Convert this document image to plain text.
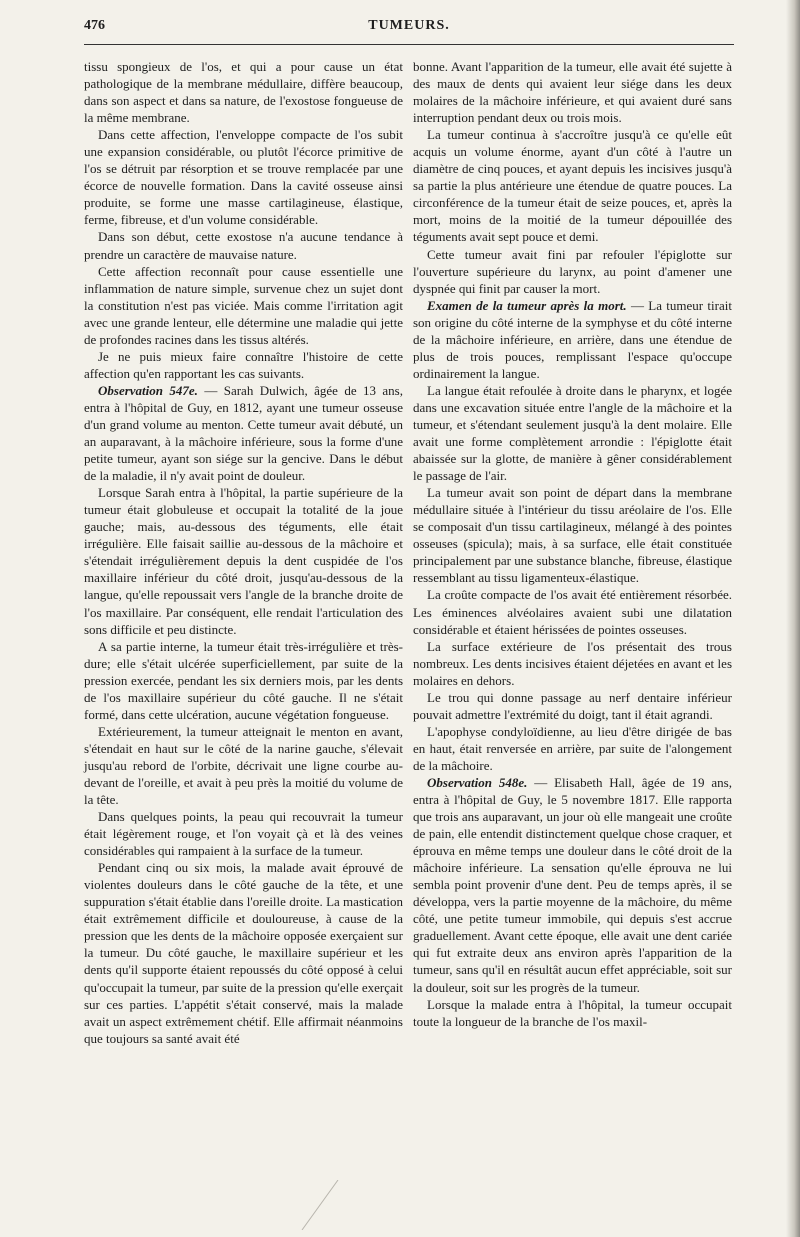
476	TUMEURS.

tissu spongieux de l'os, et qui a pour cause un état pathologique de la membrane médullaire, diffère beaucoup, dans son aspect et dans sa nature, de l'exostose fongueuse de la même membrane.

Dans cette affection, l'enveloppe compacte de l'os subit une expansion considérable, ou plutôt l'écorce primitive de l'os se détruit par résorption et se trouve remplacée par une écorce de nouvelle formation. Dans la cavité osseuse ainsi produite, se forme une masse cartilagineuse, élastique, ferme, fibreuse, et d'un volume considérable.

Dans son début, cette exostose n'a aucune tendance à prendre un caractère de mauvaise nature.

Cette affection reconnaît pour cause essentielle une inflammation de nature simple, survenue chez un sujet dont la constitution n'est pas viciée. Mais comme l'irritation agit avec une grande lenteur, elle détermine une maladie qui jette de profondes racines dans les tissus altérés.

Je ne puis mieux faire connaître l'histoire de cette affection qu'en rapportant les cas suivants.

Observation 547e. — Sarah Dulwich, âgée de 13 ans, entra à l'hôpital de Guy, en 1812, ayant une tumeur osseuse d'un grand volume au menton. Cette tumeur avait débuté, un an auparavant, à la mâchoire inférieure, sous la forme d'une petite tumeur, ayant son siége sur la gencive. Dans le début de la maladie, il n'y avait point de douleur.

Lorsque Sarah entra à l'hôpital, la partie supérieure de la tumeur était globuleuse et occupait la totalité de la joue gauche; mais, au-dessous des téguments, elle était irrégulière. Elle faisait saillie au-dessous de la mâchoire et s'étendait irrégulièrement depuis la dent cuspidée de l'os maxillaire inférieur du côté droit, jusqu'au-dessous de la langue, qu'elle repoussait vers l'angle de la branche droite de l'os maxillaire. Par conséquent, elle rendait l'articulation des sons difficile et peu distincte.

A sa partie interne, la tumeur était très-irrégulière et très-dure; elle s'était ulcérée superficiellement, par suite de la pression exercée, pendant les six derniers mois, par les dents de l'os maxillaire supérieur du côté gauche. Il ne s'était formé, dans cette ulcération, aucune végétation fongueuse.

Extérieurement, la tumeur atteignait le menton en avant, s'étendait en haut sur le côté de la narine gauche, s'élevait jusqu'au rebord de l'orbite, décrivait une ligne courbe au-devant de l'oreille, et avait à peu près la moitié du volume de la tête.

Dans quelques points, la peau qui recouvrait la tumeur était légèrement rouge, et l'on voyait çà et là des veines considérables qui rampaient à la surface de la tumeur.

Pendant cinq ou six mois, la malade avait éprouvé de violentes douleurs dans le côté gauche de la tête, et une suppuration s'était établie dans l'oreille droite. La mastication était extrêmement difficile et douloureuse, à cause de la pression que les dents de la mâchoire opposée exerçaient sur la tumeur. Du côté gauche, le maxillaire supérieur et les dents qu'il supporte étaient repoussés du côté opposé à celui qu'occupait la tumeur, par suite de la pression qu'elle exerçait sur ces parties. L'appétit s'était conservé, mais la malade avait un aspect extrêmement chétif. Elle affirmait néanmoins que toujours sa santé avait été

bonne. Avant l'apparition de la tumeur, elle avait été sujette à des maux de dents qui avaient leur siége dans les deux molaires de la mâchoire inférieure, et qui avaient duré sans interruption pendant deux ou trois mois.

La tumeur continua à s'accroître jusqu'à ce qu'elle eût acquis un volume énorme, ayant d'un côté à l'autre un diamètre de cinq pouces, et ayant depuis les incisives jusqu'à sa partie la plus antérieure une étendue de quatre pouces. La circonférence de la tumeur était de seize pouces, et, après la mort, moins de la moitié de la tumeur dépouillée des téguments avait sept pouce et demi.

Cette tumeur avait fini par refouler l'épiglotte sur l'ouverture supérieure du larynx, au point d'amener une dyspnée qui finit par causer la mort.

Examen de la tumeur après la mort. — La tumeur tirait son origine du côté interne de la symphyse et du côté interne de la mâchoire inférieure, en arrière, dans une étendue de plus de trois pouces, remplissant l'espace qu'occupe ordinairement la langue.

La langue était refoulée à droite dans le pharynx, et logée dans une excavation située entre l'angle de la mâchoire et la tumeur, et s'étendant seulement jusqu'à la dent molaire. Elle avait une forme complètement arrondie : l'épiglotte était abaissée sur la glotte, de manière à gêner considérablement le passage de l'air.

La tumeur avait son point de départ dans la membrane médullaire située à l'intérieur du tissu aréolaire de l'os. Elle se composait d'un tissu cartilagineux, mélangé à des pointes osseuses (spicula); mais, à sa surface, elle était constituée principalement par une substance blanche, fibreuse, élastique ressemblant au tissu ligamenteux-élastique.

La croûte compacte de l'os avait été entièrement résorbée. Les éminences alvéolaires avaient subi une dilatation considérable et étaient hérissées de pointes osseuses.

La surface extérieure de l'os présentait des trous nombreux. Les dents incisives étaient déjetées en avant et les molaires en dehors.

Le trou qui donne passage au nerf dentaire inférieur pouvait admettre l'extrémité du doigt, tant il était agrandi.

L'apophyse condyloïdienne, au lieu d'être dirigée de bas en haut, était renversée en arrière, par suite de l'alongement de la mâchoire.

Observation 548e. — Elisabeth Hall, âgée de 19 ans, entra à l'hôpital de Guy, le 5 novembre 1817. Elle rapporta que trois ans auparavant, un jour où elle mangeait une croûte de pain, elle entendit distinctement quelque chose craquer, et éprouva en même temps une douleur dans le côté droit de la mâchoire inférieure. La sensation qu'elle éprouva ne lui sembla point provenir d'une dent. Peu de temps après, il se développa, vers la partie moyenne de la mâchoire, du même côté, une petite tumeur immobile, qui depuis s'est accrue graduellement. Avant cette époque, elle avait une dent cariée qui fut extraite deux ans environ après l'apparition de la tumeur, sans qu'il en résultât aucun effet appréciable, soit sur la douleur, soit sur les progrès de la tumeur.

Lorsque la malade entra à l'hôpital, la tumeur occupait toute la longueur de la branche de l'os maxil-
